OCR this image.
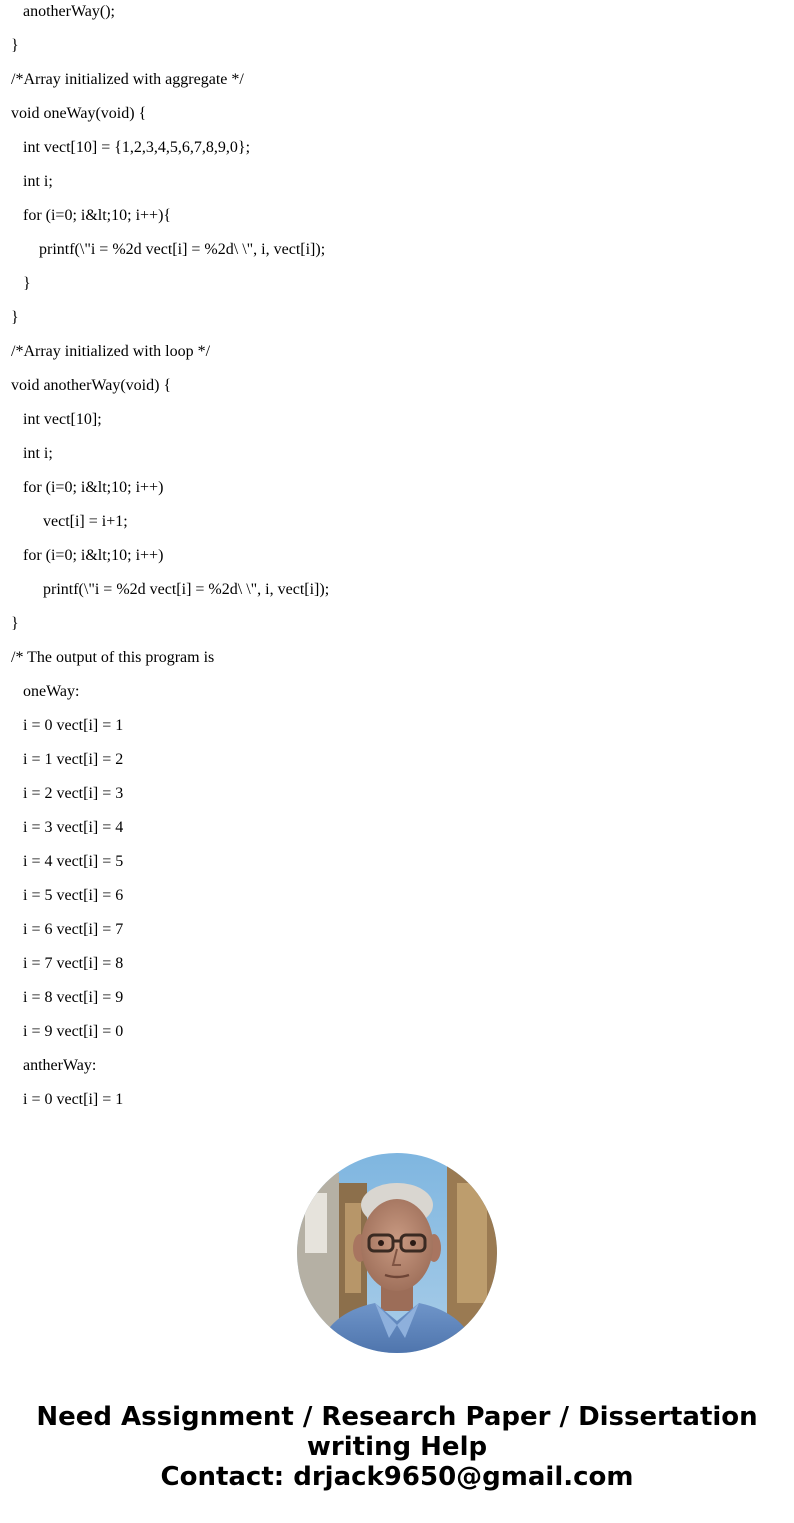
anotherWay();
}
/*Array initialized with aggregate */
void oneWay(void) {
int vect[10] = {1,2,3,4,5,6,7,8,9,0};
int i;
for (i=0; i&lt;10; i++){
printf(\"i = %2d vect[i] = %2d\ \", i, vect[i]);
}
}
/*Array initialized with loop */
void anotherWay(void) {
int vect[10];
int i;
for (i=0; i&lt;10; i++)
vect[i] = i+1;
for (i=0; i&lt;10; i++)
printf(\"i = %2d vect[i] = %2d\ \", i, vect[i]);
}
/* The output of this program is
oneWay:
i = 0 vect[i] = 1
i = 1 vect[i] = 2
i = 2 vect[i] = 3
i = 3 vect[i] = 4
i = 4 vect[i] = 5
i = 5 vect[i] = 6
i = 6 vect[i] = 7
i = 7 vect[i] = 8
i = 8 vect[i] = 9
i = 9 vect[i] = 0
antherWay:
i = 0 vect[i] = 1
Need Assignment / Research Paper / Dissertation
writing Help
Contact: drjack9650@gmail.com
